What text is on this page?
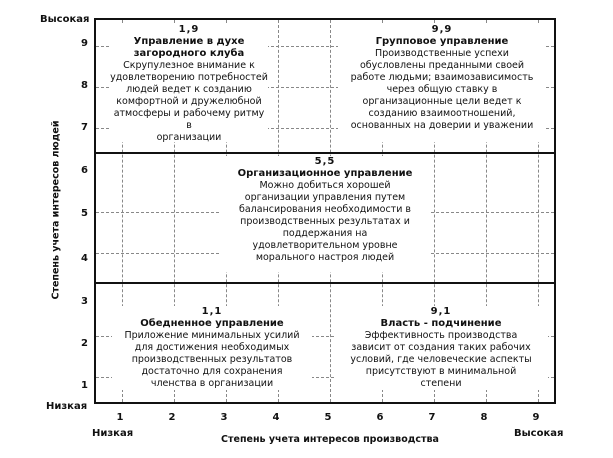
Высокая
Низкая
9
8
7
6
5
4
3
2
1
Степень учета интересов людей
1	2	3	4	5	6	7	8	9
Низкая	Высокая
Степень учета интересов производства
1,9
Управление в духе
загородного клуба
Скрупулезное внимание к
удовлетворению потребностей
людей ведет к созданию
комфортной и дружелюбной
атмосферы и рабочему ритму в
организации
9,9
Групповое управление
Производственные успехи
обусловлены преданными своей
работе людьми; взаимозависимость
через общую ставку в
организационные цели ведет к
созданию взаимоотношений,
основанных на доверии и уважении
5,5
Организационное управление
Можно добиться хорошей
организации управления путем
балансирования необходимости в
производственных результатах и
поддержания на
удовлетворительном уровне
морального настроя людей
1,1
Обедненное управление
Приложение минимальных усилий
для достижения необходимых
производственных результатов
достаточно для сохранения
членства в организации
9,1
Власть - подчинение
Эффективность производства
зависит от создания таких рабочих
условий, где человеческие аспекты
присутствуют в минимальной
степени
